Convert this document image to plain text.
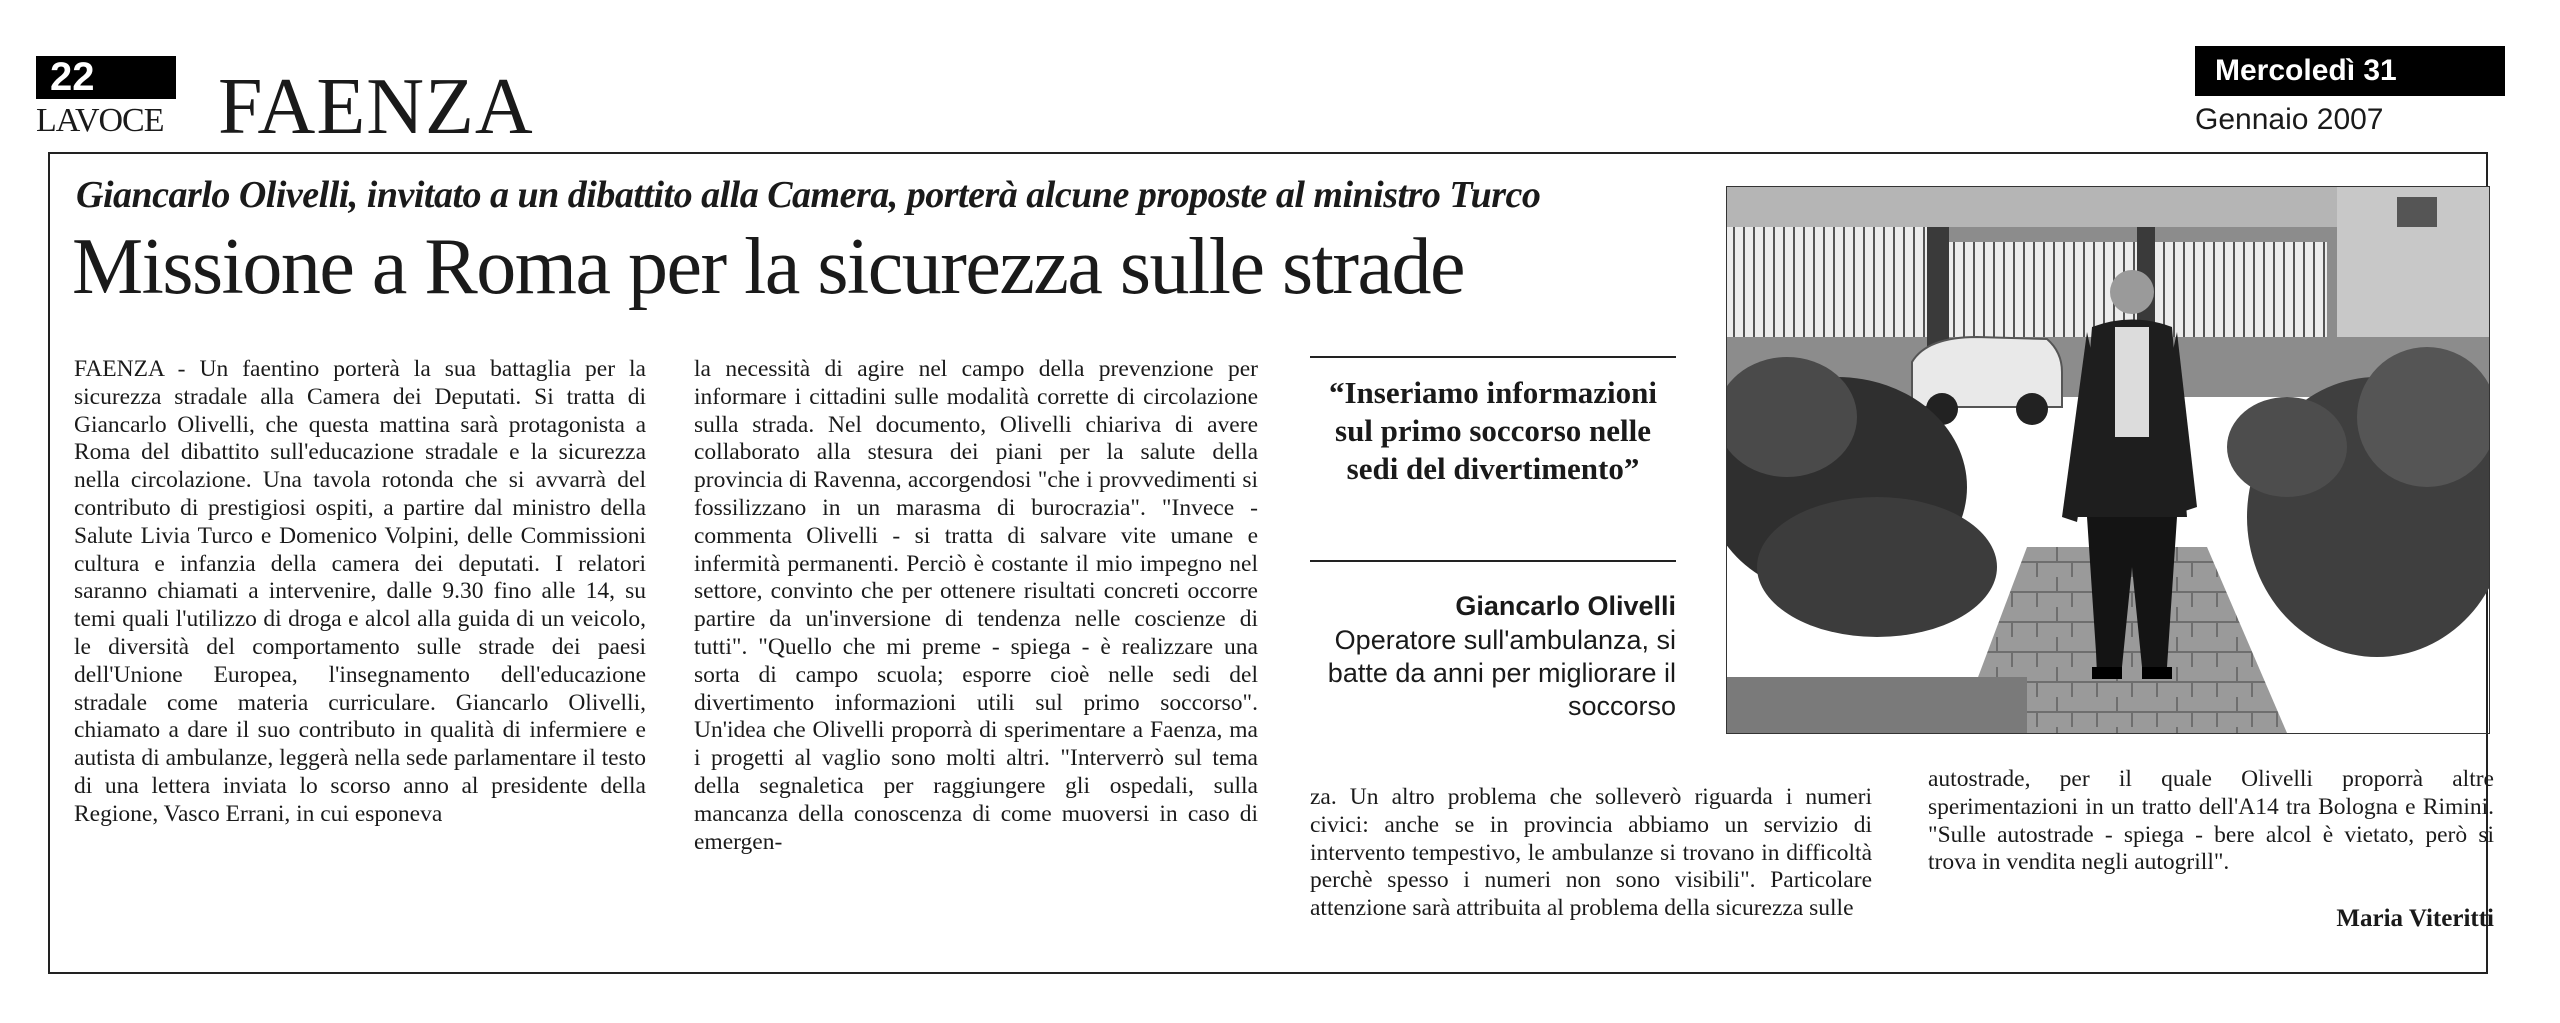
22
LAVOCE FAENZA	Mercoledì 31
Gennaio 2007
Giancarlo Olivelli, invitato a un dibattito alla Camera, porterà alcune proposte al ministro Turco
Missione a Roma per la sicurezza sulle strade
FAENZA - Un faentino porterà la sua battaglia per la sicurezza stradale alla Camera dei Deputati. Si tratta di Giancarlo Olivelli, che questa mattina sarà protagonista a Roma del dibattito sull'educazione stradale e la sicurezza nella circolazione. Una tavola rotonda che si avvarrà del contributo di prestigiosi ospiti, a partire dal ministro della Salute Livia Turco e Domenico Volpini, delle Commissioni cultura e infanzia della camera dei deputati. I relatori saranno chiamati a intervenire, dalle 9.30 fino alle 14, su temi quali l'utilizzo di droga e alcol alla guida di un veicolo, le diversità del comportamento sulle strade dei paesi dell'Unione Europea, l'insegnamento dell'educazione stradale come materia curriculare. Giancarlo Olivelli, chiamato a dare il suo contributo in qualità di infermiere e autista di ambulanze, leggerà nella sede parlamentare il testo di una lettera inviata lo scorso anno al presidente della Regione, Vasco Errani, in cui esponeva
la necessità di agire nel campo della prevenzione per informare i cittadini sulle modalità corrette di circolazione sulla strada. Nel documento, Olivelli chiariva di avere collaborato alla stesura dei piani per la salute della provincia di Ravenna, accorgendosi "che i provvedimenti si fossilizzano in un marasma di burocrazia". "Invece - commenta Olivelli - si tratta di salvare vite umane e infermità permanenti. Perciò è costante il mio impegno nel settore, convinto che per ottenere risultati concreti occorre partire da un'inversione di tendenza nelle coscienze di tutti". "Quello che mi preme - spiega - è realizzare una sorta di campo scuola; esporre cioè nelle sedi del divertimento informazioni utili sul primo soccorso". Un'idea che Olivelli proporrà di sperimentare a Faenza, ma i progetti al vaglio sono molti altri. "Interverrò sul tema della segnaletica per raggiungere gli ospedali, sulla mancanza della conoscenza di come muoversi in caso di emergen-
za. Un altro problema che solleverò riguarda i numeri civici: anche se in provincia abbiamo un servizio di intervento tempestivo, le ambulanze si trovano in difficoltà perchè spesso i numeri non sono visibili". Particolare attenzione sarà attribuita al problema della sicurezza sulle
autostrade, per il quale Olivelli proporrà altre sperimentazioni in un tratto dell'A14 tra Bologna e Rimini. "Sulle autostrade - spiega - bere alcol è vietato, però si trova in vendita negli autogrill".
Maria Viteritti
“Inseriamo informazioni sul primo soccorso nelle sedi del divertimento”
Giancarlo Olivelli
Operatore sull'ambulanza, si batte da anni per migliorare il soccorso
